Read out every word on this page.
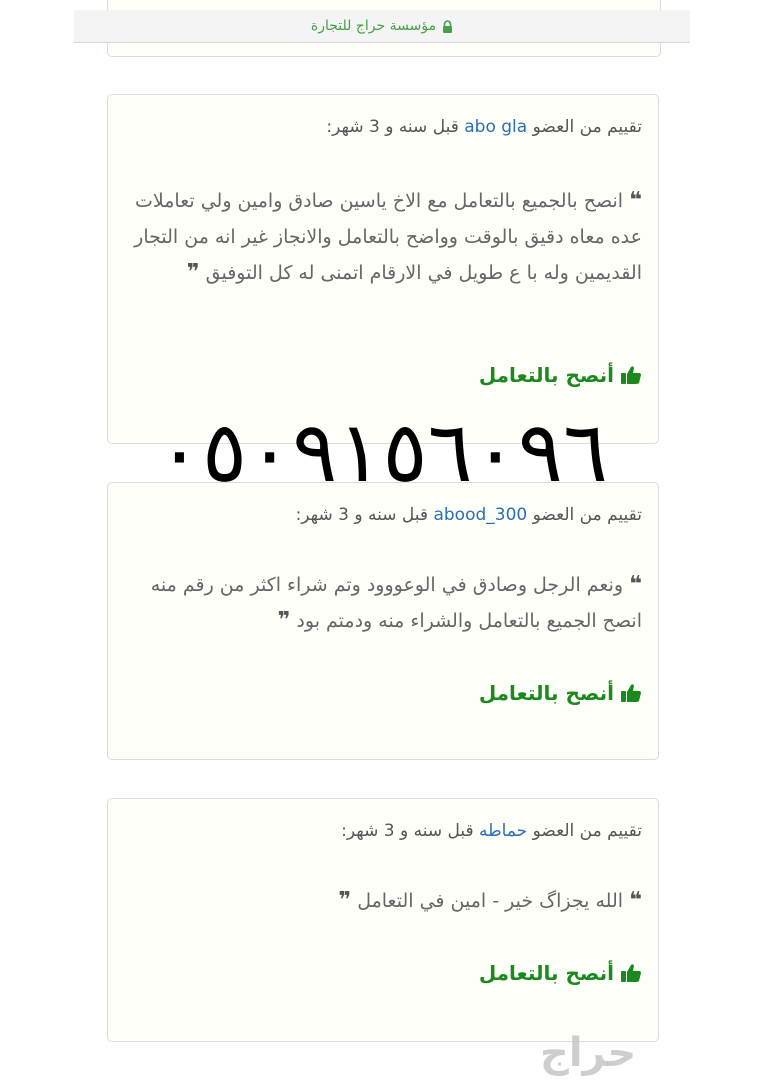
مؤسسة حراج للتجارة
تقييم من العضو abo gla قبل سنه و 3 شهر:
❝ انصح بالجميع بالتعامل مع الاخ ياسين صادق وامين ولي تعاملات عده معاه دقيق بالوقت وواضح بالتعامل والانجاز غير انه من التجار القديمين وله با ع طويل في الارقام اتمنى له كل التوفيق ❞
أنصح بالتعامل
تقييم من العضو abood_300 قبل سنه و 3 شهر:
❝ ونعم الرجل وصادق في الوعووود وتم شراء اكثر من رقم منه انصح الجميع بالتعامل والشراء منه ودمتم بود ❞
أنصح بالتعامل
تقييم من العضو حماطه قبل سنه و 3 شهر:
❝ الله يجزاگ خير - امين في التعامل ❞
أنصح بالتعامل
٠٥٠٩١٥٦٠٩٦
حراج
